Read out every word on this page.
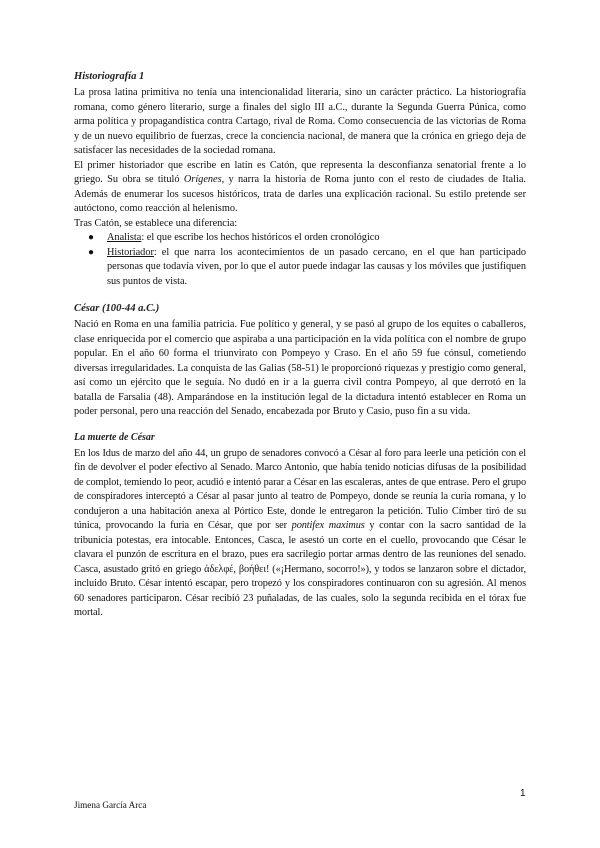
Historiografía 1

La prosa latina primitiva no tenía una intencionalidad literaria, sino un carácter práctico. La historiografía romana, como género literario, surge a finales del siglo III a.C., durante la Segunda Guerra Púnica, como arma política y propagandística contra Cartago, rival de Roma. Como consecuencia de las victorias de Roma y de un nuevo equilibrio de fuerzas, crece la conciencia nacional, de manera que la crónica en griego deja de satisfacer las necesidades de la sociedad romana.

El primer historiador que escribe en latín es Catón, que representa la desconfianza senatorial frente a lo griego. Su obra se tituló Orígenes, y narra la historia de Roma junto con el resto de ciudades de Italia. Además de enumerar los sucesos históricos, trata de darles una explicación racional. Su estilo pretende ser autóctono, como reacción al helenismo.

Tras Catón, se establece una diferencia:

● Analista: el que escribe los hechos históricos el orden cronológico
● Historiador: el que narra los acontecimientos de un pasado cercano, en el que han participado personas que todavía viven, por lo que el autor puede indagar las causas y los móviles que justifiquen sus puntos de vista.
César (100-44 a.C.)

Nació en Roma en una familia patricia. Fue político y general, y se pasó al grupo de los equites o caballeros, clase enriquecida por el comercio que aspiraba a una participación en la vida política con el nombre de grupo popular. En el año 60 forma el triunvirato con Pompeyo y Craso. En el año 59 fue cónsul, cometiendo diversas irregularidades. La conquista de las Galias (58-51) le proporcionó riquezas y prestigio como general, así como un ejército que le seguía. No dudó en ir a la guerra civil contra Pompeyo, al que derrotó en la batalla de Farsalia (48). Amparándose en la institución legal de la dictadura intentó establecer en Roma un poder personal, pero una reacción del Senado, encabezada por Bruto y Casio, puso fin a su vida.

La muerte de César

En los Idus de marzo del año 44, un grupo de senadores convocó a César al foro para leerle una petición con el fin de devolver el poder efectivo al Senado. Marco Antonio, que había tenido noticias difusas de la posibilidad de complot, temiendo lo peor, acudió e intentó parar a César en las escaleras, antes de que entrase. Pero el grupo de conspiradores interceptó a César al pasar junto al teatro de Pompeyo, donde se reunía la curia romana, y lo condujeron a una habitación anexa al Pórtico Este, donde le entregaron la petición. Tulio Címber tiró de su túnica, provocando la furia en César, que por ser pontifex maximus y contar con la sacro santidad de la tribunicia potestas, era intocable. Entonces, Casca, le asestó un corte en el cuello, provocando que César le clavara el punzón de escritura en el brazo, pues era sacrilegio portar armas dentro de las reuniones del senado. Casca, asustado gritó en griego ἀδελφέ, βοήθει! («¡Hermano, socorro!»), y todos se lanzaron sobre el dictador, incluido Bruto. César intentó escapar, pero tropezó y los conspiradores continuaron con su agresión. Al menos 60 senadores participaron. César recibió 23 puñaladas, de las cuales, solo la segunda recibida en el tórax fue mortal.

1
Jimena García Arca
